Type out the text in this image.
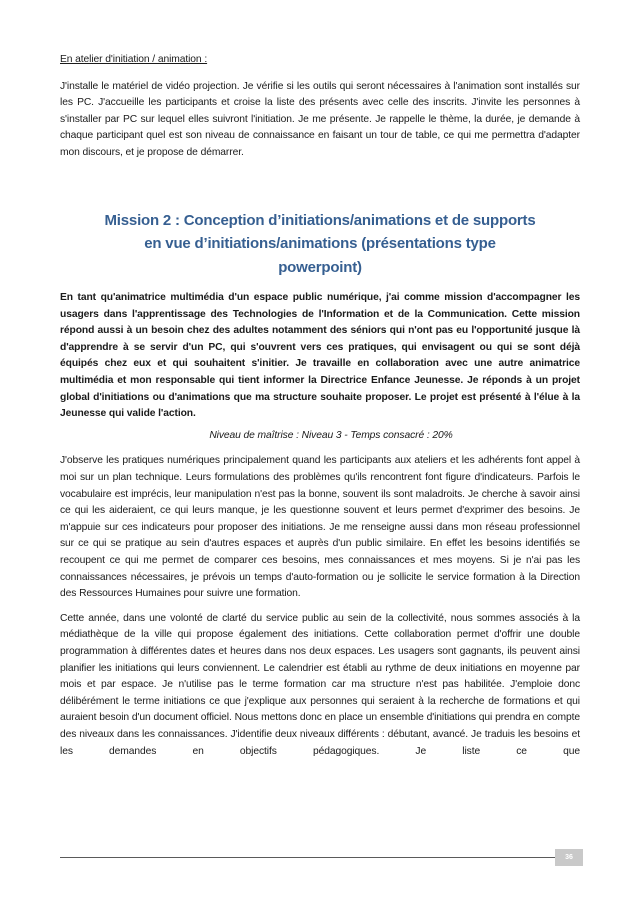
En atelier d'initiation / animation :

J'installe le matériel de vidéo projection. Je vérifie si les outils qui seront nécessaires à l'animation sont installés sur les PC. J'accueille les participants et croise la liste des présents avec celle des inscrits. J'invite les personnes à s'installer par PC sur lequel elles suivront l'initiation. Je me présente. Je rappelle le thème, la durée, je demande à chaque participant quel est son niveau de connaissance en faisant un tour de table, ce qui me permettra d'adapter mon discours, et je propose de démarrer.

Mission 2 : Conception d’initiations/animations et de supports
en vue d’initiations/animations (présentations type
powerpoint)

En tant qu'animatrice multimédia d'un espace public numérique, j'ai comme mission d'accompagner les usagers dans l'apprentissage des Technologies de l'Information et de la Communication. Cette mission répond aussi à un besoin chez des adultes notamment des séniors qui n'ont pas eu l'opportunité jusque là d'apprendre à se servir d'un PC, qui s'ouvrent vers ces pratiques, qui envisagent ou qui se sont déjà équipés chez eux et qui souhaitent s'initier. Je travaille en collaboration avec une autre animatrice multimédia et mon responsable qui tient informer la Directrice Enfance Jeunesse. Je réponds à un projet global d'initiations ou d'animations que ma structure souhaite proposer. Le projet est présenté à l'élue à la Jeunesse qui valide l'action.

Niveau de maîtrise : Niveau 3 - Temps consacré : 20%

J'observe les pratiques numériques principalement quand les participants aux ateliers et les adhérents font appel à moi sur un plan technique. Leurs formulations des problèmes qu'ils rencontrent font figure d'indicateurs. Parfois le vocabulaire est imprécis, leur manipulation n'est pas la bonne, souvent ils sont maladroits. Je cherche à savoir ainsi ce qui les aideraient, ce qui leurs manque, je les questionne souvent et leurs permet d'exprimer des besoins. Je m'appuie sur ces indicateurs pour proposer des initiations. Je me renseigne aussi dans mon réseau professionnel sur ce qui se pratique au sein d'autres espaces et auprès d'un public similaire. En effet les besoins identifiés se recoupent ce qui me permet de comparer ces besoins, mes connaissances et mes moyens. Si je n'ai pas les connaissances nécessaires, je prévois un temps d'auto-formation ou je sollicite le service formation à la Direction des Ressources Humaines pour suivre une formation.

Cette année, dans une volonté de clarté du service public au sein de la collectivité, nous sommes associés à la médiathèque de la ville qui propose également des initiations. Cette collaboration permet d'offrir une double programmation à différentes dates et heures dans nos deux espaces. Les usagers sont gagnants, ils peuvent ainsi planifier les initiations qui leurs conviennent. Le calendrier est établi au rythme de deux initiations en moyenne par mois et par espace. Je n'utilise pas le terme formation car ma structure n'est pas habilitée. J'emploie donc délibérément le terme initiations ce que j'explique aux personnes qui seraient à la recherche de formations et qui auraient besoin d'un document officiel. Nous mettons donc en place un ensemble d'initiations qui prendra en compte des niveaux dans les connaissances. J'identifie deux niveaux différents : débutant, avancé. Je traduis les besoins et les demandes en objectifs pédagogiques. Je liste ce que

36
